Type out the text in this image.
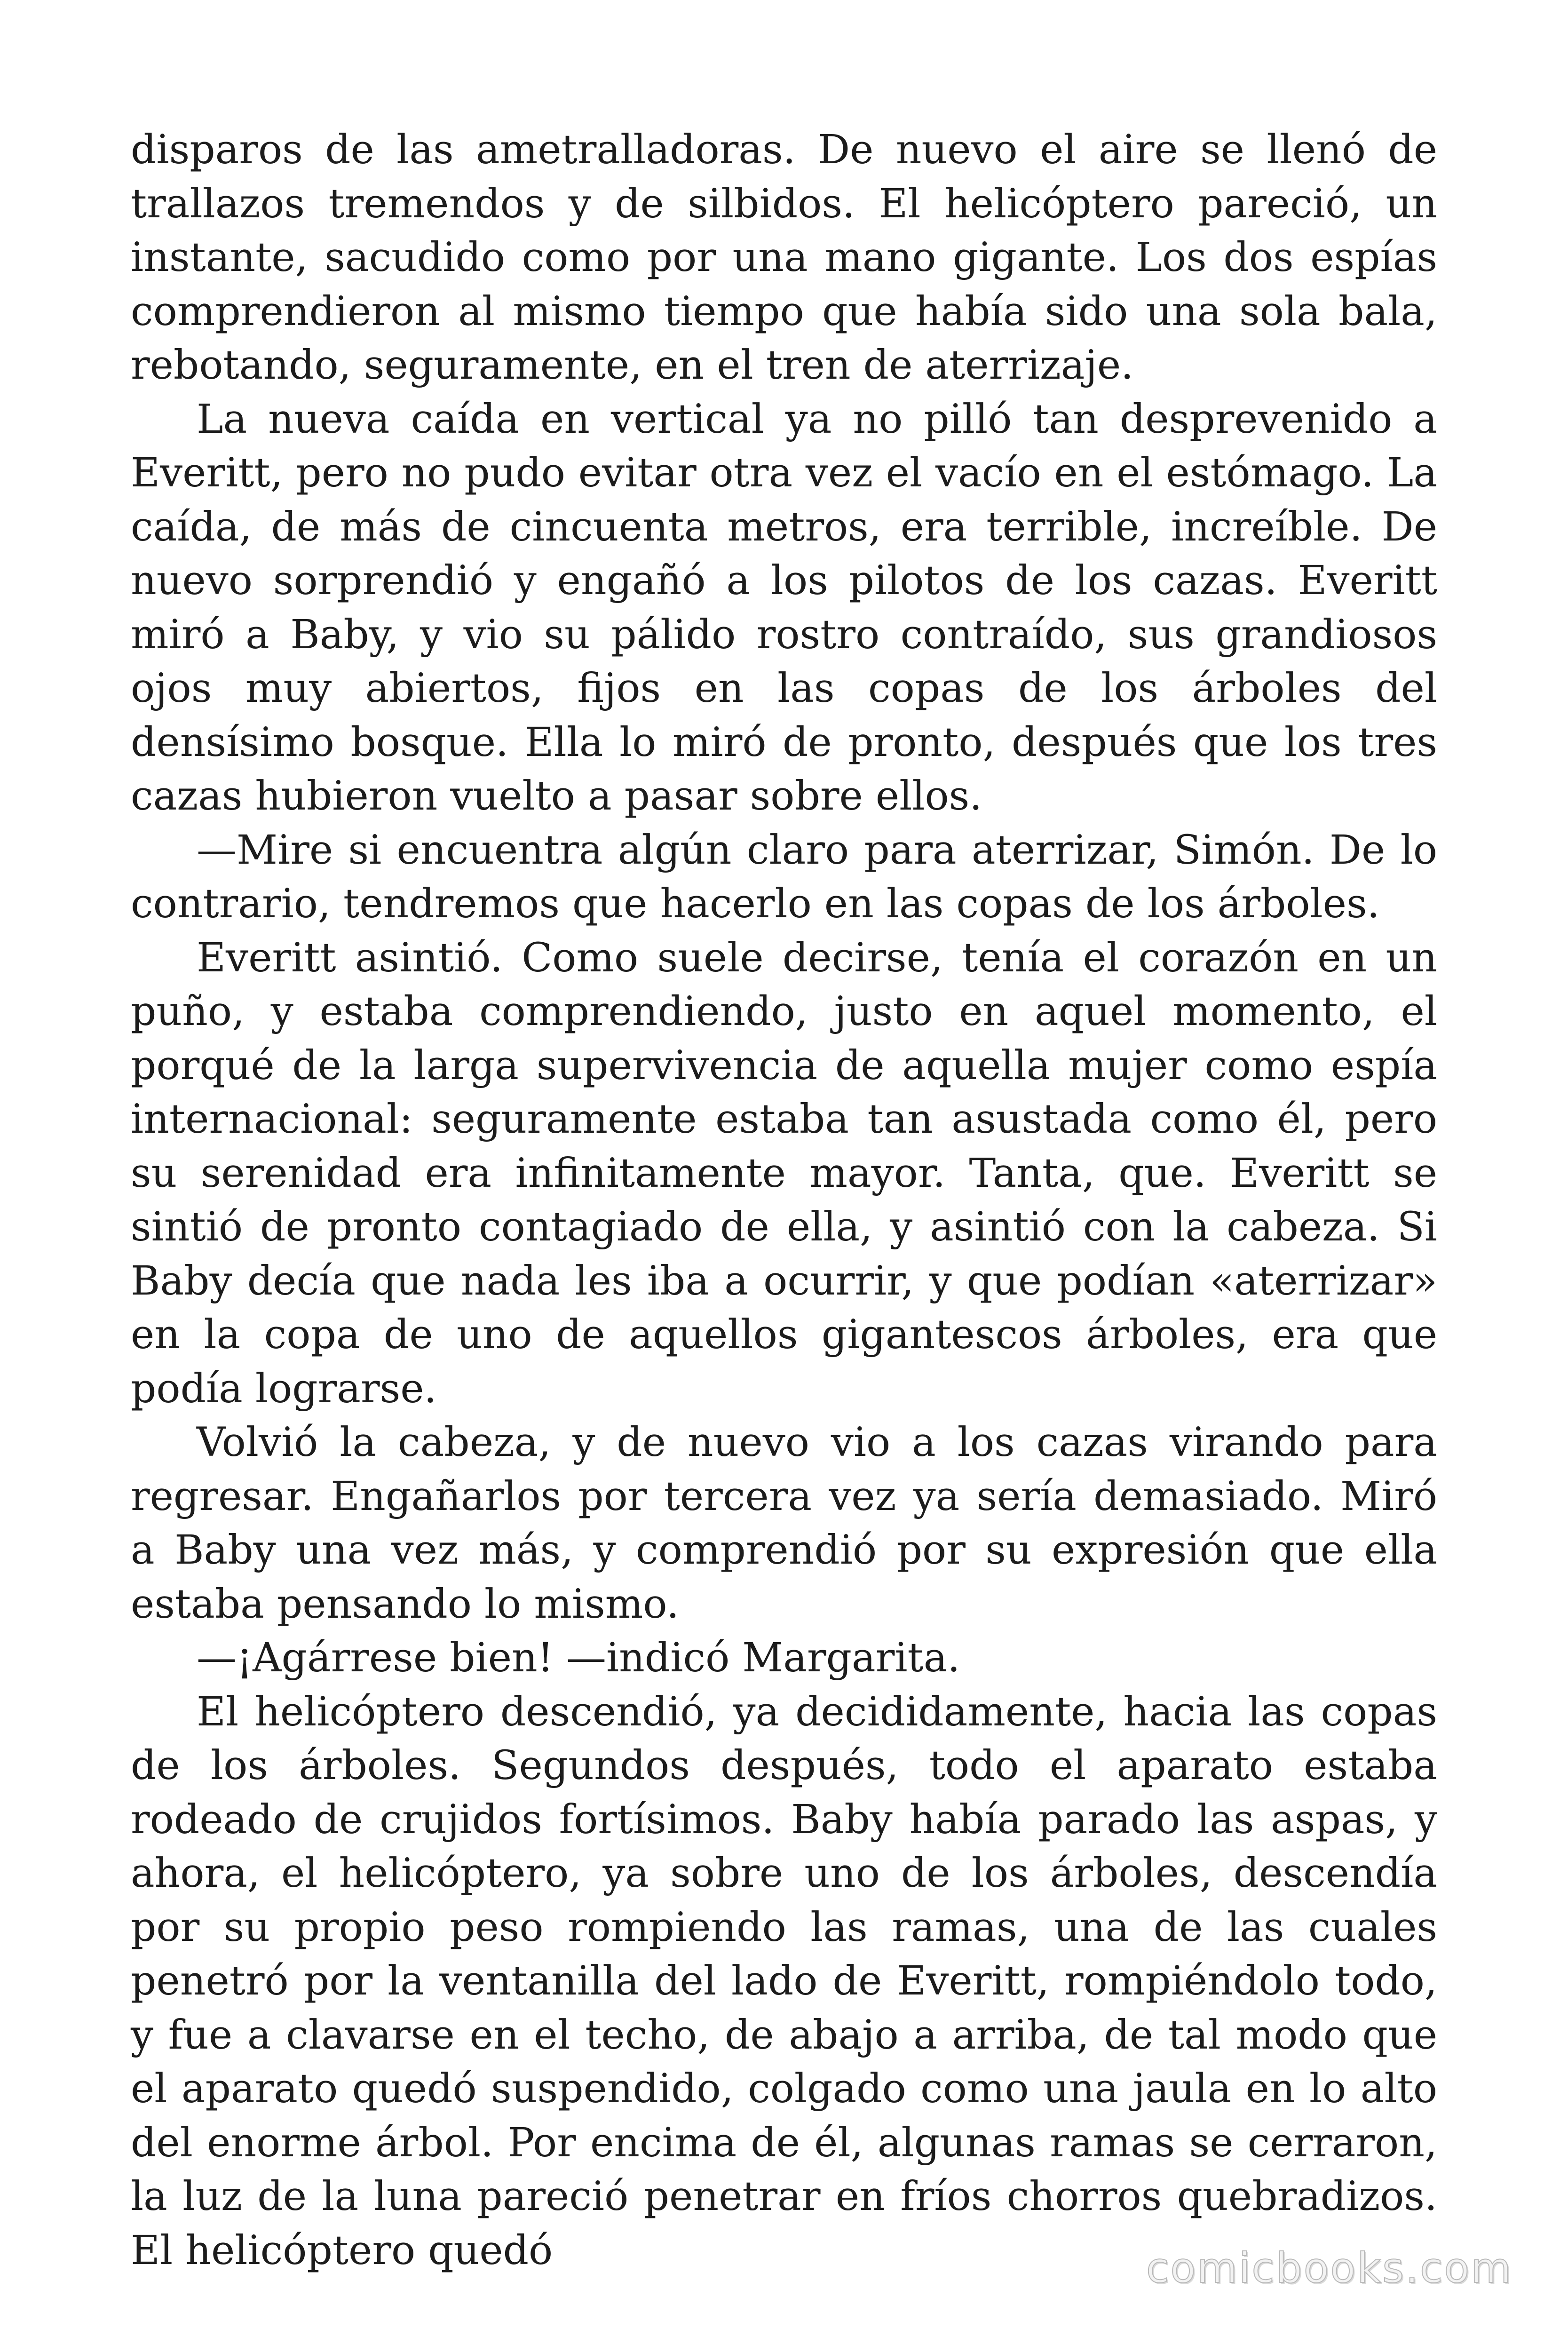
disparos de las ametralladoras. De nuevo el aire se llenó de trallazos tremendos y de silbidos. El helicóptero pareció, un instante, sacudido como por una mano gigante. Los dos espías comprendieron al mismo tiempo que había sido una sola bala, rebotando, seguramente, en el tren de aterrizaje.

La nueva caída en vertical ya no pilló tan desprevenido a Everitt, pero no pudo evitar otra vez el vacío en el estómago. La caída, de más de cincuenta metros, era terrible, increíble. De nuevo sorprendió y engañó a los pilotos de los cazas. Everitt miró a Baby, y vio su pálido rostro contraído, sus grandiosos ojos muy abiertos, fijos en las copas de los árboles del densísimo bosque. Ella lo miró de pronto, después que los tres cazas hubieron vuelto a pasar sobre ellos.

—Mire si encuentra algún claro para aterrizar, Simón. De lo contrario, tendremos que hacerlo en las copas de los árboles.

Everitt asintió. Como suele decirse, tenía el corazón en un puño, y estaba comprendiendo, justo en aquel momento, el porqué de la larga supervivencia de aquella mujer como espía internacional: seguramente estaba tan asustada como él, pero su serenidad era infinitamente mayor. Tanta, que. Everitt se sintió de pronto contagiado de ella, y asintió con la cabeza. Si Baby decía que nada les iba a ocurrir, y que podían «aterrizar» en la copa de uno de aquellos gigantescos árboles, era que podía lograrse.

Volvió la cabeza, y de nuevo vio a los cazas virando para regresar. Engañarlos por tercera vez ya sería demasiado. Miró a Baby una vez más, y comprendió por su expresión que ella estaba pensando lo mismo.

—¡Agárrese bien! —indicó Margarita.

El helicóptero descendió, ya decididamente, hacia las copas de los árboles. Segundos después, todo el aparato estaba rodeado de crujidos fortísimos. Baby había parado las aspas, y ahora, el helicóptero, ya sobre uno de los árboles, descendía por su propio peso rompiendo las ramas, una de las cuales penetró por la ventanilla del lado de Everitt, rompiéndolo todo, y fue a clavarse en el techo, de abajo a arriba, de tal modo que el aparato quedó suspendido, colgado como una jaula en lo alto del enorme árbol. Por encima de él, algunas ramas se cerraron, la luz de la luna pareció penetrar en fríos chorros quebradizos. El helicóptero quedó	comicbooks.com
